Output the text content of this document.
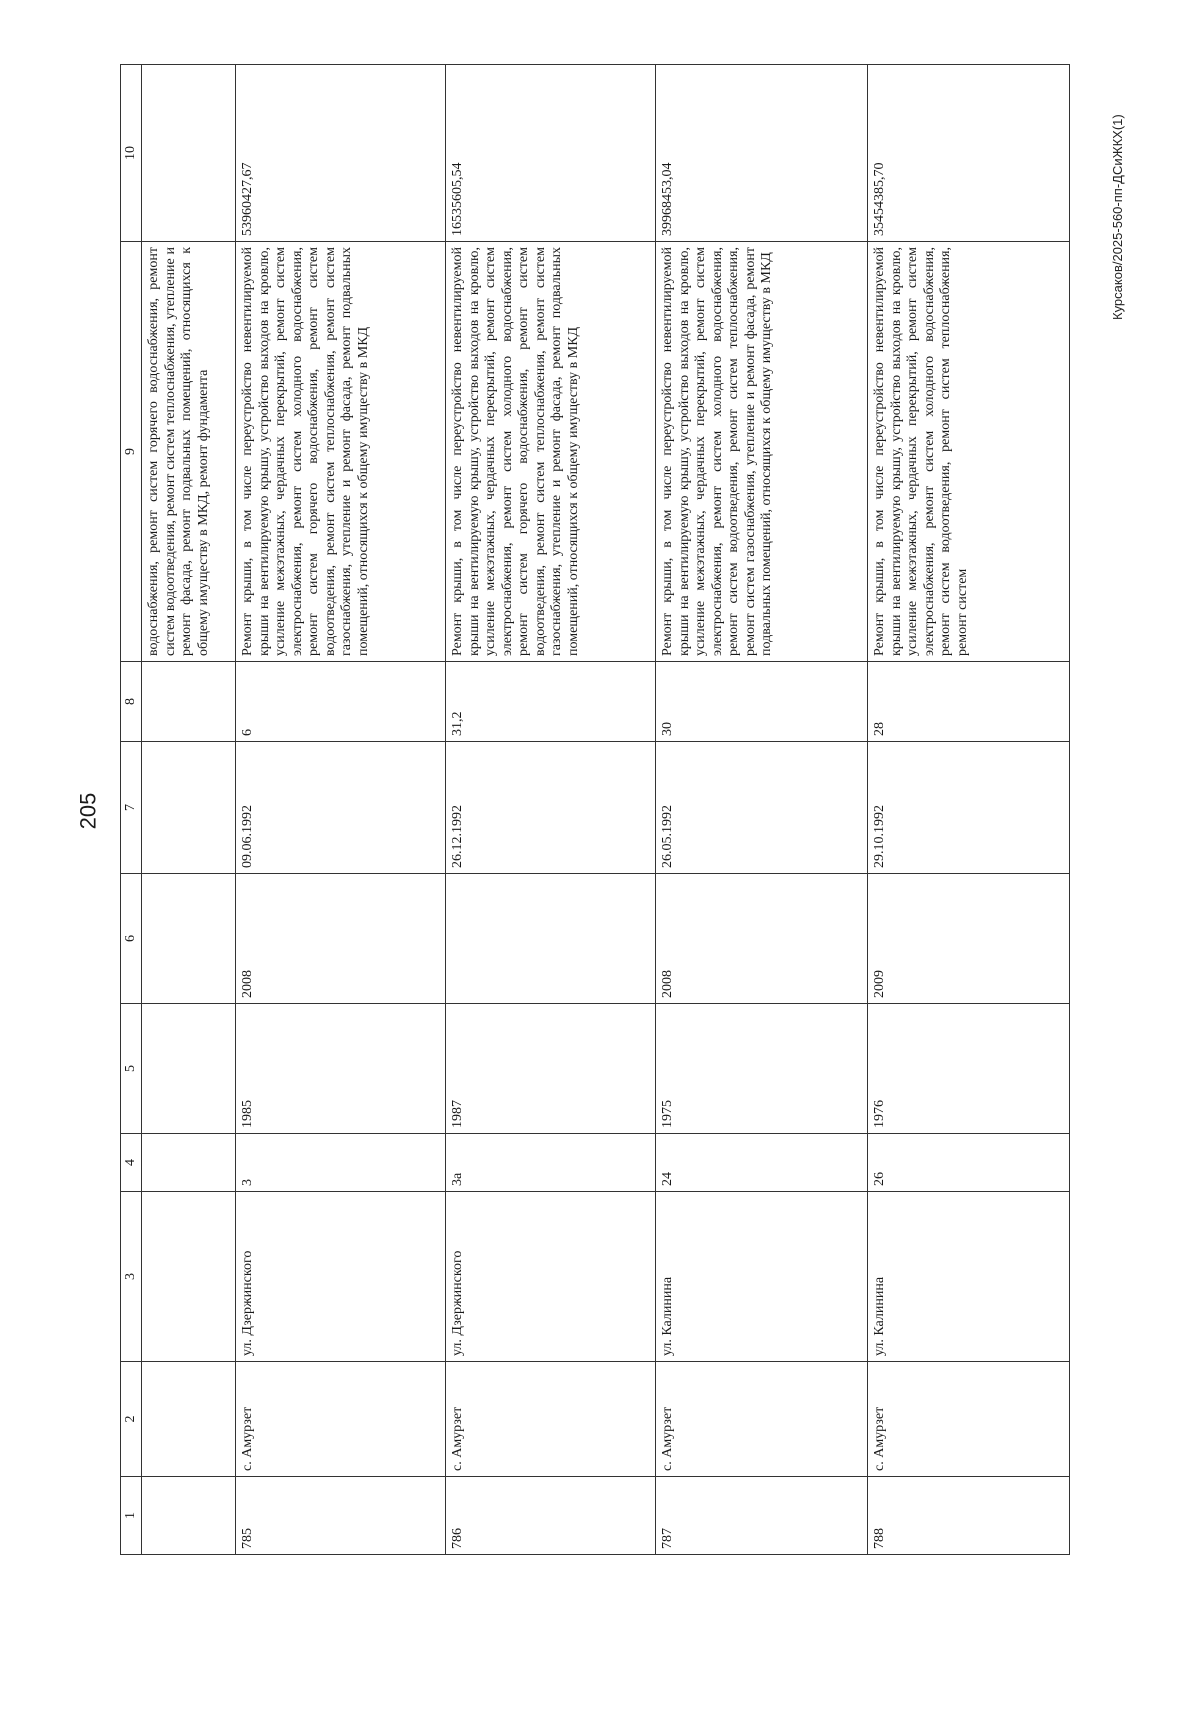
205
Курсаков/2025-560-пп-ДСиЖКХ(1)
1	2	3	4	5	6	7	8	9	10
								водоснабжения, ремонт систем горячего водоснабжения, ремонт систем водоотведения, ремонт систем теплоснабжения, утепление и ремонт фасада, ремонт подвальных помещений, относящихся к общему имуществу в МКД, ремонт фундамента	
785	с. Амурзет	ул. Дзержинского	3	1985	2008	09.06.1992	6	Ремонт крыши, в том числе переустройство невентилируемой крыши на вентилируемую крышу, устройство выходов на кровлю, усиление межэтажных, чердачных перекрытий, ремонт систем электроснабжения, ремонт систем холодного водоснабжения, ремонт систем горячего водоснабжения, ремонт систем водоотведения, ремонт систем теплоснабжения, ремонт систем газоснабжения, утепление и ремонт фасада, ремонт подвальных помещений, относящихся к общему имуществу в МКД	53960427,67
786	с. Амурзет	ул. Дзержинского	3а	1987		26.12.1992	31,2	Ремонт крыши, в том числе переустройство невентилируемой крыши на вентилируемую крышу, устройство выходов на кровлю, усиление межэтажных, чердачных перекрытий, ремонт систем электроснабжения, ремонт систем холодного водоснабжения, ремонт систем горячего водоснабжения, ремонт систем водоотведения, ремонт систем теплоснабжения, ремонт систем газоснабжения, утепление и ремонт фасада, ремонт подвальных помещений, относящихся к общему имуществу в МКД	16535605,54
787	с. Амурзет	ул. Калинина	24	1975	2008	26.05.1992	30	Ремонт крыши, в том числе переустройство невентилируемой крыши на вентилируемую крышу, устройство выходов на кровлю, усиление межэтажных, чердачных перекрытий, ремонт систем электроснабжения, ремонт систем холодного водоснабжения, ремонт систем водоотведения, ремонт систем теплоснабжения, ремонт систем газоснабжения, утепление и ремонт фасада, ремонт подвальных помещений, относящихся к общему имуществу в МКД	39968453,04
788	с. Амурзет	ул. Калинина	26	1976	2009	29.10.1992	28	Ремонт крыши, в том числе переустройство невентилируемой крыши на вентилируемую крышу, устройство выходов на кровлю, усиление межэтажных, чердачных перекрытий, ремонт систем электроснабжения, ремонт систем холодного водоснабжения, ремонт систем водоотведения, ремонт систем теплоснабжения, ремонт систем	35454385,70
